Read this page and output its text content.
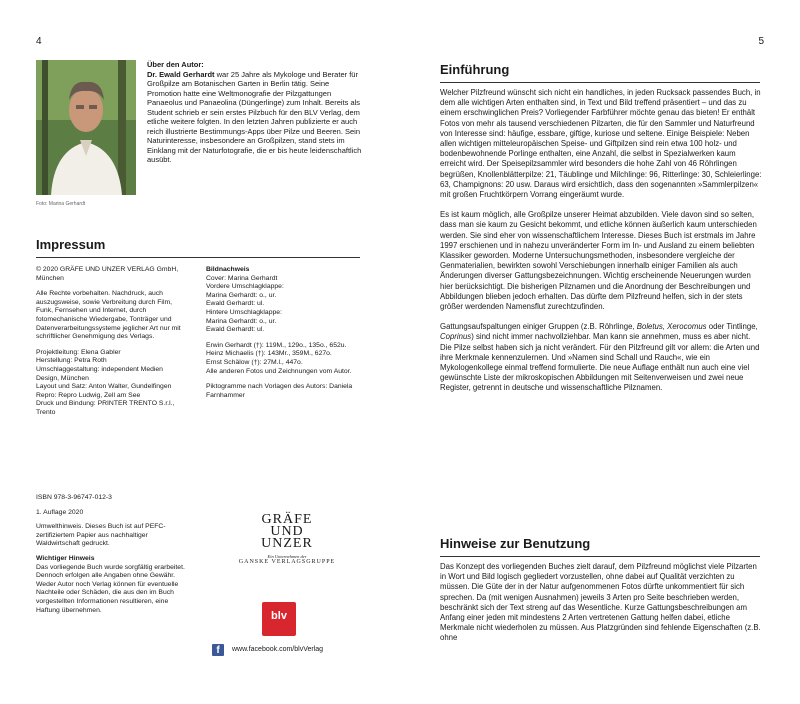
4
Foto: Marina Gerhardt
Über den Autor:
Dr. Ewald Gerhardt war 25 Jahre als Mykologe und Berater für Großpilze am Botanischen Garten in Berlin tätig. Seine Promotion hatte eine Weltmonografie der Pilzgattungen Panaeolus und Panaeolina (Düngerlinge) zum Inhalt. Bereits als Student schrieb er sein erstes Pilzbuch für den BLV Verlag, dem etliche weitere folgten. In den letzten Jahren publizierte er auch reich illustrierte Bestimmungs-Apps über Pilze und Beeren. Sein Naturinteresse, insbesondere an Großpilzen, stand stets im Einklang mit der Naturfotografie, die er bis heute leidenschaftlich ausübt.
Impressum

© 2020 GRÄFE UND UNZER VERLAG GmbH, München

Alle Rechte vorbehalten. Nachdruck, auch auszugsweise, sowie Verbreitung durch Film, Funk, Fernsehen und Internet, durch fotomechanische Wiedergabe, Tonträger und Datenverarbeitungssysteme jeglicher Art nur mit schriftlicher Genehmigung des Verlags.

Projektleitung: Elena Gabler
Herstellung: Petra Roth
Umschlaggestaltung: independent Medien Design, München
Layout und Satz: Anton Walter, Gundelfingen
Repro: Repro Ludwig, Zell am See
Druck und Bindung: PRINTER TRENTO S.r.l., Trento

Bildnachweis

Cover: Marina Gerhardt
Vordere Umschlagklappe:
Marina Gerhardt: o., ur.
Ewald Gerhardt: ul.
Hintere Umschlagklappe:
Marina Gerhardt: o., ur.
Ewald Gerhardt: ul.
Erwin Gerhardt (†): 119M., 129o., 135o., 652u.
Heinz Michaelis (†): 143Mr., 359M., 627o.
Ernst Schälow (†): 27M.l., 447o.
Alle anderen Fotos und Zeichnungen vom Autor.

Piktogramme nach Vorlagen des Autors: Daniela Farnhammer

ISBN 978-3-96747-012-3

1. Auflage 2020

Umwelthinweis. Dieses Buch ist auf PEFC-zertifiziertem Papier aus nachhaltiger Waldwirtschaft gedruckt.

Wichtiger Hinweis

Das vorliegende Buch wurde sorgfältig erarbeitet. Dennoch erfolgen alle Angaben ohne Gewähr. Weder Autor noch Verlag können für eventuelle Nachteile oder Schäden, die aus den im Buch vorgestellten Informationen resultieren, eine Haftung übernehmen.

GRÄFE
UND
UNZER
Ein Unternehmen der
GANSKE VERLAGSGRUPPE
blv
f	www.facebook.com/blvVerlag
5
Einführung

Welcher Pilzfreund wünscht sich nicht ein handliches, in jeden Rucksack passendes Buch, in dem alle wichtigen Arten enthalten sind, in Text und Bild treffend präsentiert – und das zu einem erschwinglichen Preis? Vorliegender Farbführer möchte genau das bieten! Er enthält Fotos von mehr als tausend verschiedenen Pilzarten, die für den Sammler und Naturfreund von Interesse sind: häufige, essbare, giftige, kuriose und seltene. Einige Beispiele: Neben allen wichtigen mitteleuropäischen Speise- und Giftpilzen sind rein etwa 100 holz- und bodenbewohnende Porlinge enthalten, eine Anzahl, die selbst in Spezialwerken kaum erreicht wird. Der Speisepilzsammler wird besonders die hohe Zahl von 46 Röhrlingen begrüßen, Knollenblätterpilze: 21, Täublinge und Milchlinge: 96, Ritterlinge: 30, Schleierlinge: 63, Champignons: 20 usw. Daraus wird ersichtlich, dass den sogenannten »Sammlerpilzen« mit großen Fruchtkörpern Vorrang eingeräumt wurde.

Es ist kaum möglich, alle Großpilze unserer Heimat abzubilden. Viele davon sind so selten, dass man sie kaum zu Gesicht bekommt, und etliche können äußerlich kaum unterschieden werden. Sie sind eher von wissenschaftlichem Interesse. Dieses Buch ist erstmals im Jahre 1997 erschienen und in nahezu unveränderter Form im In- und Ausland zu einem beliebten Klassiker geworden. Moderne Untersuchungsmethoden, insbesondere vergleiche der Genmaterialien, bewirkten sowohl Verschiebungen innerhalb einiger Familien als auch Änderungen diverser Gattungsbezeichnungen. Wichtig erscheinende Neuerungen wurden hier berücksichtigt. Die bisherigen Pilznamen und die Anordnung der Beschreibungen und Abbildungen blieben jedoch erhalten. Das dürfte dem Pilzfreund helfen, sich in der stets größer werdenden Namensflut zurechtzufinden.

Gattungsaufspaltungen einiger Gruppen (z.B. Röhrlinge, Boletus, Xerocomus oder Tintlinge, Coprinus) sind nicht immer nachvollziehbar. Man kann sie annehmen, muss es aber nicht. Die Pilze selbst haben sich ja nicht verändert. Für den Pilzfreund gilt vor allem: die Arten und ihre Merkmale kennenzulernen. Und »Namen sind Schall und Rauch«, wie ein Mykologenkollege einmal treffend formulierte. Die neue Auflage enthält nun auch eine viel gewünschte Liste der mikroskopischen Abbildungen mit Seitenverweisen und zwei neue Register, getrennt in deutsche und wissenschaftliche Pilznamen.

Hinweise zur Benutzung

Das Konzept des vorliegenden Buches zielt darauf, dem Pilzfreund möglichst viele Pilzarten in Wort und Bild logisch gegliedert vorzustellen, ohne dabei auf Qualität verzichten zu müssen. Die Güte der in der Natur aufgenommenen Fotos dürfte unkommentiert für sich sprechen. Da (mit wenigen Ausnahmen) jeweils 3 Arten pro Seite beschrieben werden, beschränkt sich der Text streng auf das Wesentliche. Kurze Gattungsbeschreibungen am Anfang einer jeden mit mindestens 2 Arten vertretenen Gattung helfen dabei, etliche Merkmale nicht wiederholen zu müssen. Aus Platzgründen sind fehlende Eigenschaften (z.B. ohne
